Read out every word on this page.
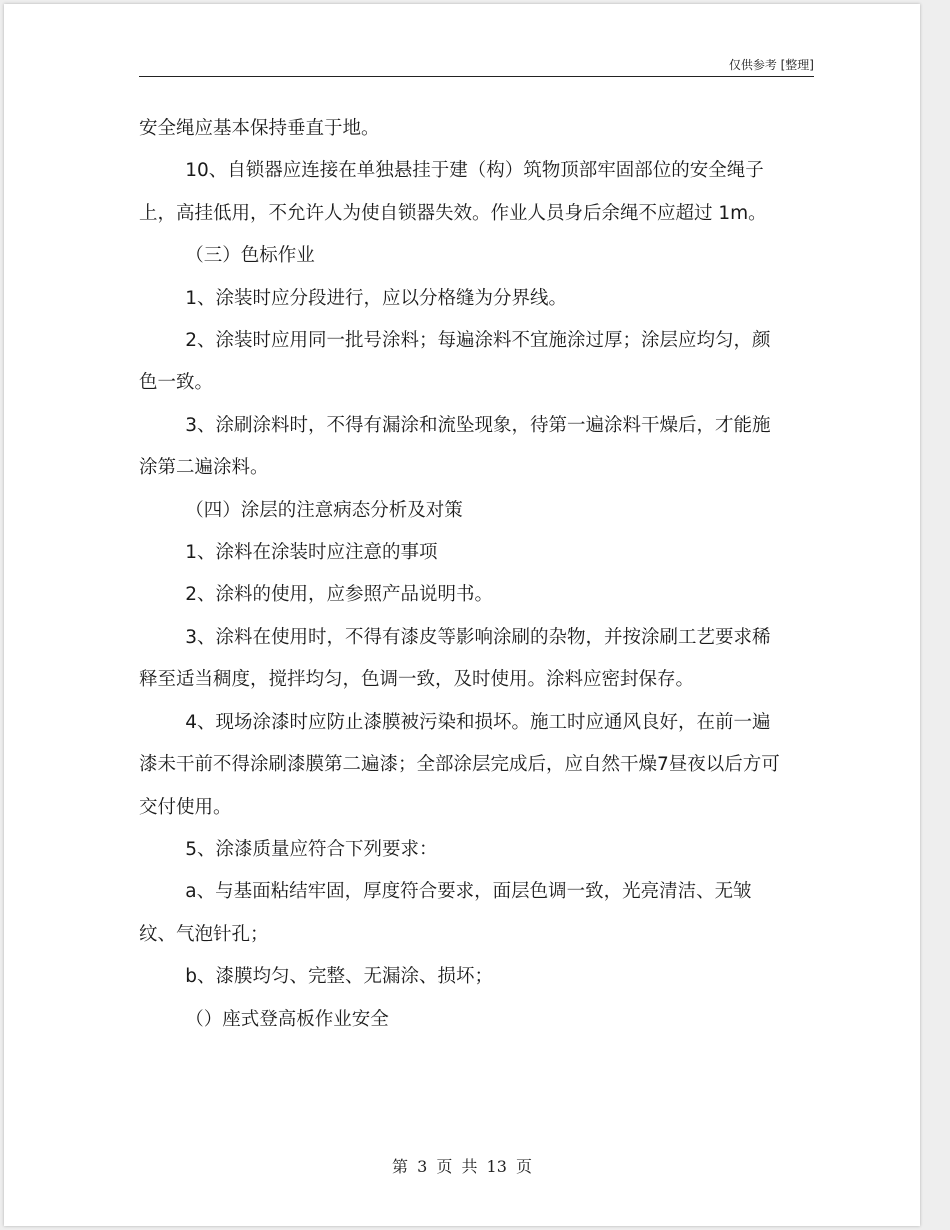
仅供参考 [整理]

安全绳应基本保持垂直于地。

10、自锁器应连接在单独悬挂于建（构）筑物顶部牢固部位的安全绳子上，高挂低用，不允许人为使自锁器失效。作业人员身后余绳不应超过 1m。

（三）色标作业

1、涂装时应分段进行，应以分格缝为分界线。

2、涂装时应用同一批号涂料；每遍涂料不宜施涂过厚；涂层应均匀，颜色一致。

3、涂刷涂料时，不得有漏涂和流坠现象，待第一遍涂料干燥后，才能施涂第二遍涂料。

（四）涂层的注意病态分析及对策

1、涂料在涂装时应注意的事项

2、涂料的使用，应参照产品说明书。

3、涂料在使用时，不得有漆皮等影响涂刷的杂物，并按涂刷工艺要求稀释至适当稠度，搅拌均匀，色调一致，及时使用。涂料应密封保存。

4、现场涂漆时应防止漆膜被污染和损坏。施工时应通风良好，在前一遍漆未干前不得涂刷漆膜第二遍漆；全部涂层完成后，应自然干燥7昼夜以后方可交付使用。

5、涂漆质量应符合下列要求：

a、与基面粘结牢固，厚度符合要求，面层色调一致，光亮清洁、无皱纹、气泡针孔；

b、漆膜均匀、完整、无漏涂、损坏；

（）座式登高板作业安全

第 3 页 共 13 页
